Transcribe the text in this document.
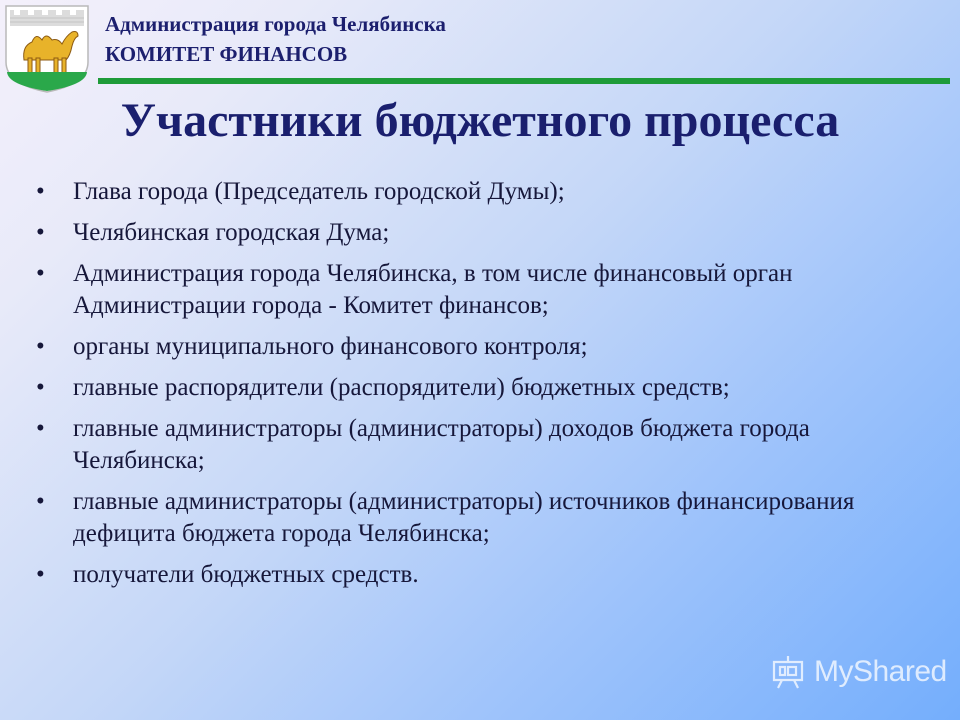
Администрация города Челябинска
КОМИТЕТ ФИНАНСОВ
Участники бюджетного процесса
• Глава города (Председатель городской Думы);
• Челябинская городская Дума;
• Администрация города Челябинска, в том числе финансовый орган Администрации города - Комитет финансов;
• органы муниципального финансового контроля;
• главные распорядители (распорядители) бюджетных средств;
• главные администраторы (администраторы) доходов бюджета города Челябинска;
• главные администраторы (администраторы) источников финансирования дефицита бюджета города Челябинска;
• получатели бюджетных средств.
MyShared
